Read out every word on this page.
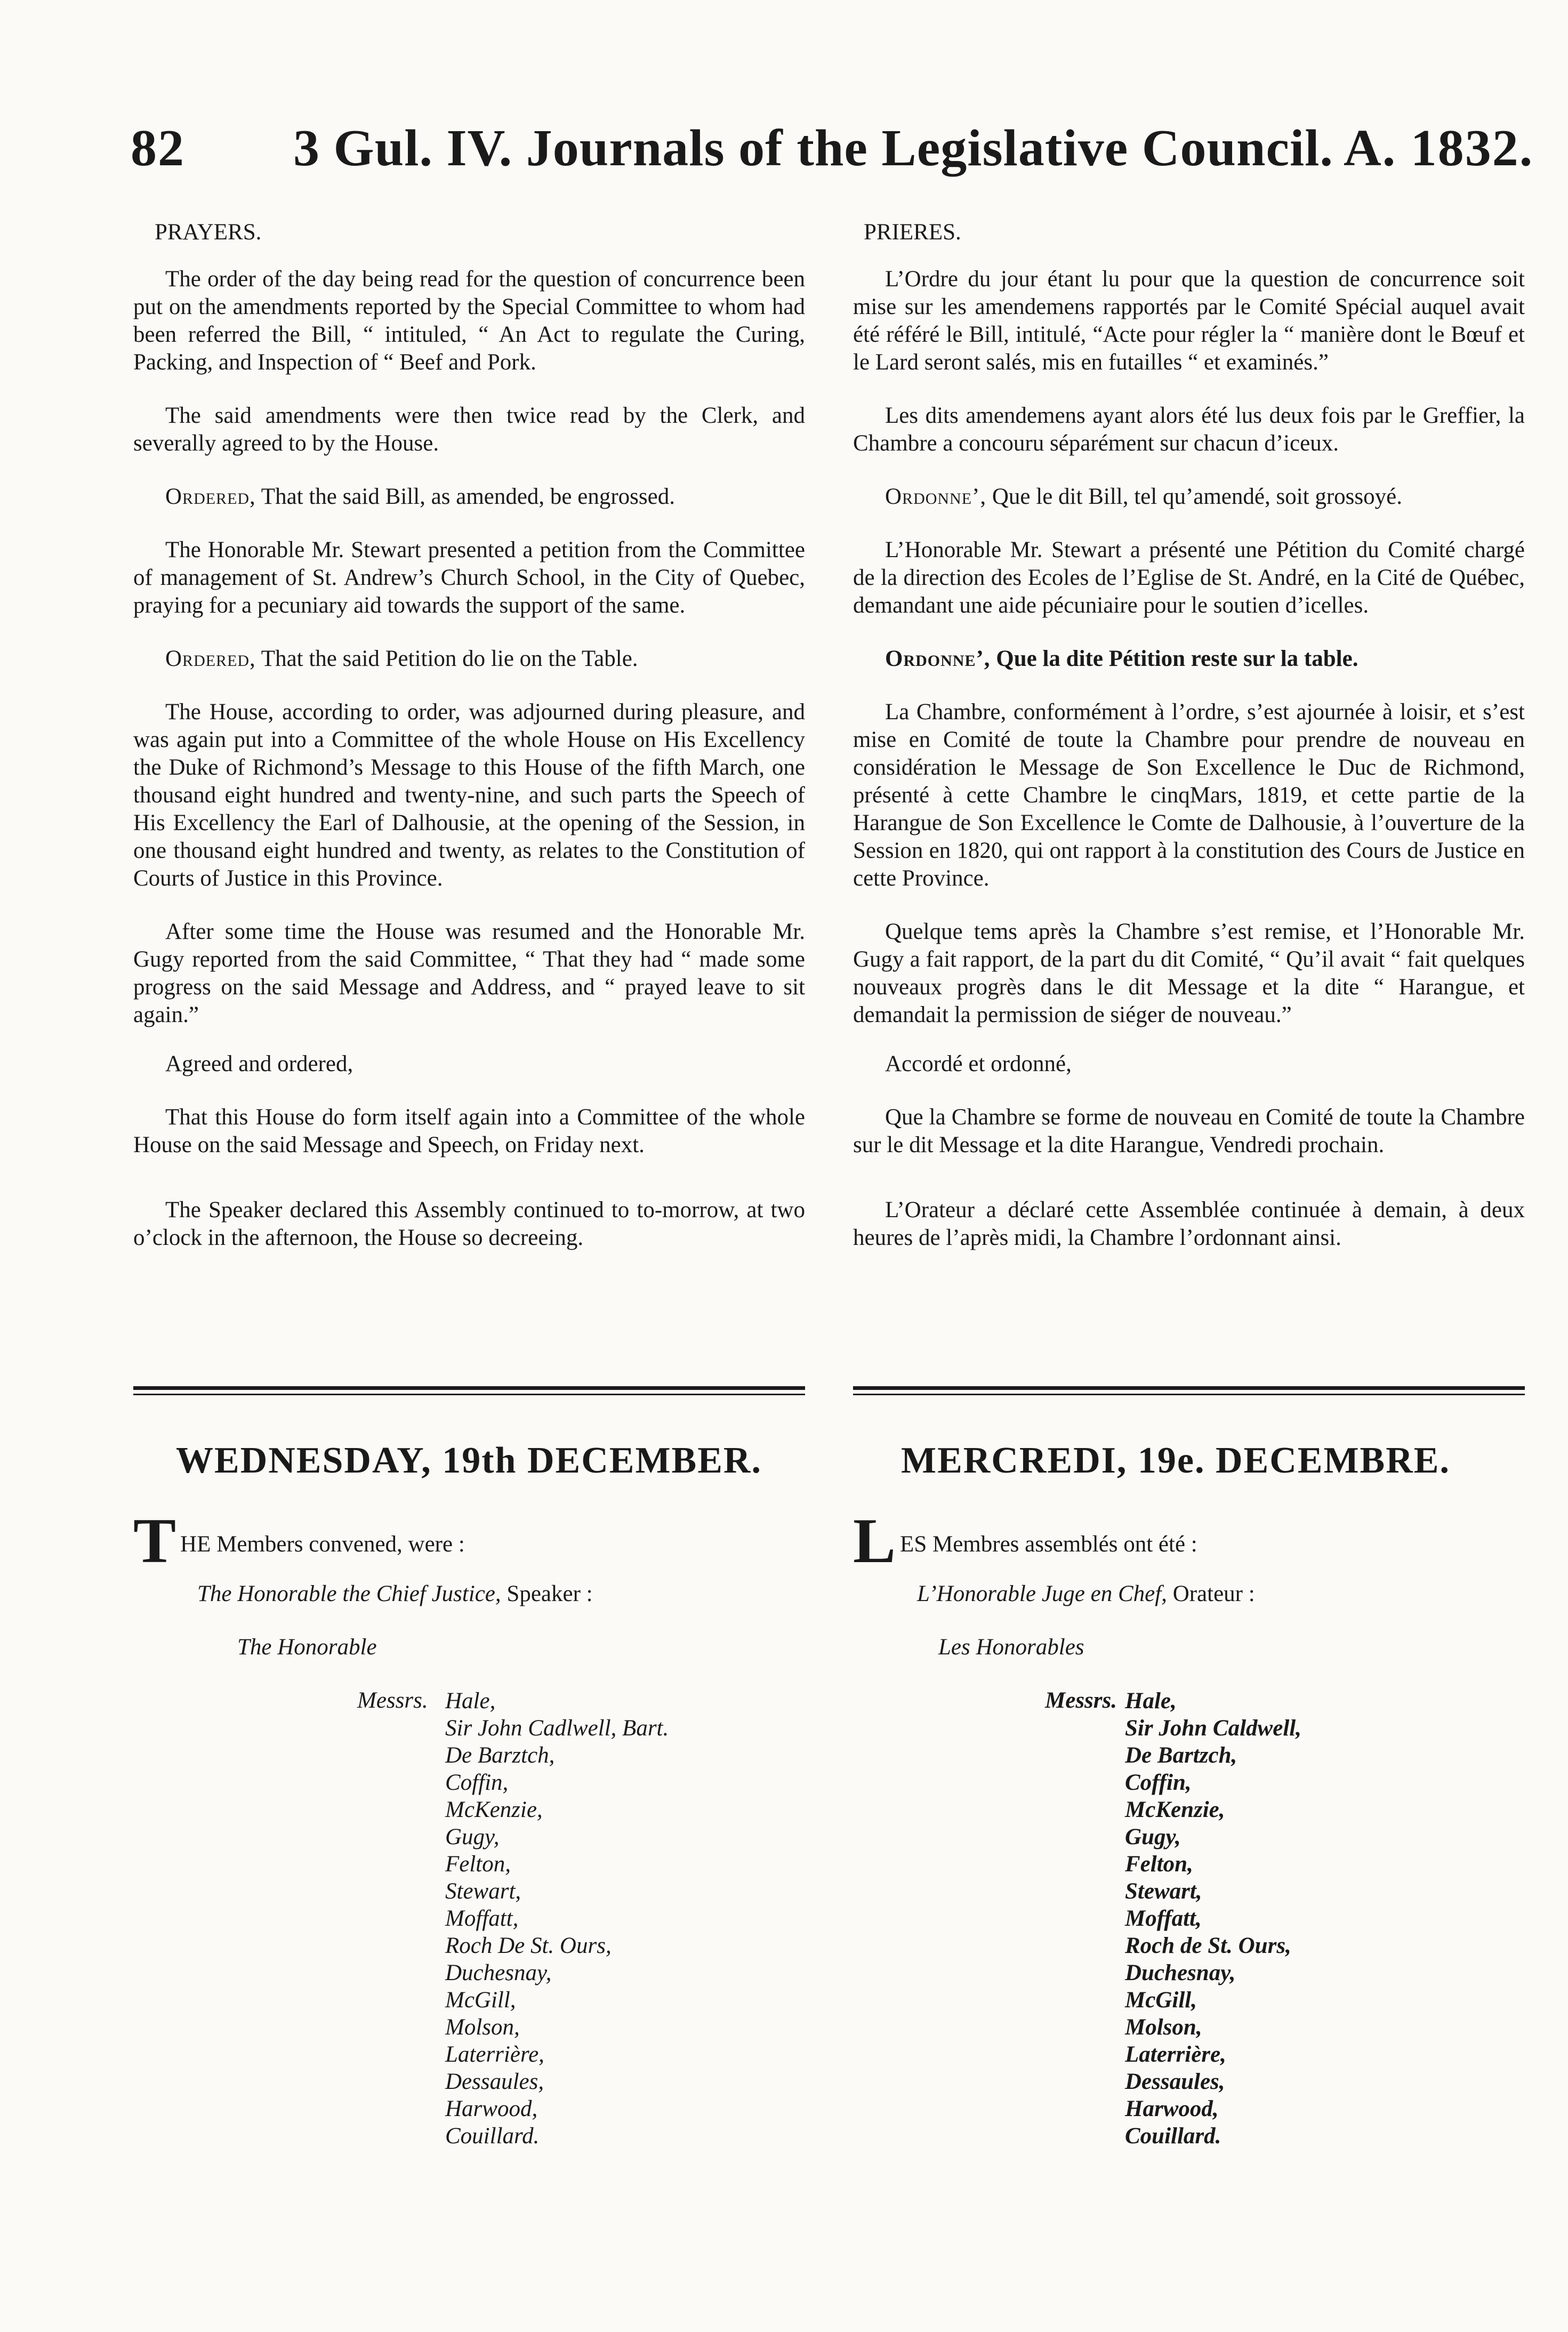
82 3 Gul. IV. Journals of the Legislative Council. A. 1832.

PRAYERS.

The order of the day being read for the question of concurrence been put on the amendments reported by the Special Committee to whom had been referred the Bill, “ intituled, “ An Act to regulate the Curing, Packing, and Inspection of “ Beef and Pork.

The said amendments were then twice read by the Clerk, and severally agreed to by the House.

Ordered, That the said Bill, as amended, be engrossed.

The Honorable Mr. Stewart presented a petition from the Committee of management of St. Andrew’s Church School, in the City of Quebec, praying for a pecuniary aid towards the support of the same.

Ordered, That the said Petition do lie on the Table.

The House, according to order, was adjourned during pleasure, and was again put into a Committee of the whole House on His Excellency the Duke of Richmond’s Message to this House of the fifth March, one thousand eight hundred and twenty-nine, and such parts the Speech of His Excellency the Earl of Dalhousie, at the opening of the Session, in one thousand eight hundred and twenty, as relates to the Constitution of Courts of Justice in this Province.

After some time the House was resumed and the Honorable Mr. Gugy reported from the said Committee, “ That they had “ made some progress on the said Message and Address, and “ prayed leave to sit again.”

Agreed and ordered,

That this House do form itself again into a Committee of the whole House on the said Message and Speech, on Friday next.

The Speaker declared this Assembly continued to to-morrow, at two o’clock in the afternoon, the House so decreeing.

PRIERES.

L’Ordre du jour étant lu pour que la question de concurrence soit mise sur les amendemens rapportés par le Comité Spécial auquel avait été référé le Bill, intitulé, “Acte pour régler la “ manière dont le Bœuf et le Lard seront salés, mis en futailles “ et examinés.”

Les dits amendemens ayant alors été lus deux fois par le Greffier, la Chambre a concouru séparément sur chacun d’iceux.

Ordonne’, Que le dit Bill, tel qu’amendé, soit grossoyé.

L’Honorable Mr. Stewart a présenté une Pétition du Comité chargé de la direction des Ecoles de l’Eglise de St. André, en la Cité de Québec, demandant une aide pécuniaire pour le soutien d’icelles.

Ordonne’, Que la dite Pétition reste sur la table.

La Chambre, conformément à l’ordre, s’est ajournée à loisir, et s’est mise en Comité de toute la Chambre pour prendre de nouveau en considération le Message de Son Excellence le Duc de Richmond, présenté à cette Chambre le cinqMars, 1819, et cette partie de la Harangue de Son Excellence le Comte de Dalhousie, à l’ouverture de la Session en 1820, qui ont rapport à la constitution des Cours de Justice en cette Province.

Quelque tems après la Chambre s’est remise, et l’Honorable Mr. Gugy a fait rapport, de la part du dit Comité, “ Qu’il avait “ fait quelques nouveaux progrès dans le dit Message et la dite “ Harangue, et demandait la permission de siéger de nouveau.”

Accordé et ordonné,

Que la Chambre se forme de nouveau en Comité de toute la Chambre sur le dit Message et la dite Harangue, Vendredi prochain.

L’Orateur a déclaré cette Assemblée continuée à demain, à deux heures de l’après midi, la Chambre l’ordonnant ainsi.

WEDNESDAY, 19th DECEMBER.	MERCREDI, 19e. DECEMBRE.
THE Members convened, were :	LES Membres assemblés ont été :
The Honorable the Chief Justice, Speaker :	L’Honorable Juge en Chef, Orateur :
The Honorable	Les Honorables
Messrs.	Messrs.
Hale,
Sir John Cadlwell, Bart.
De Barztch,
Coffin,
McKenzie,
Gugy,
Felton,
Stewart,
Moffatt,
Roch De St. Ours,
Duchesnay,
McGill,
Molson,
Laterrière,
Dessaules,
Harwood,
Couillard.
Hale,
Sir John Caldwell,
De Bartzch,
Coffin,
McKenzie,
Gugy,
Felton,
Stewart,
Moffatt,
Roch de St. Ours,
Duchesnay,
McGill,
Molson,
Laterrière,
Dessaules,
Harwood,
Couillard.
